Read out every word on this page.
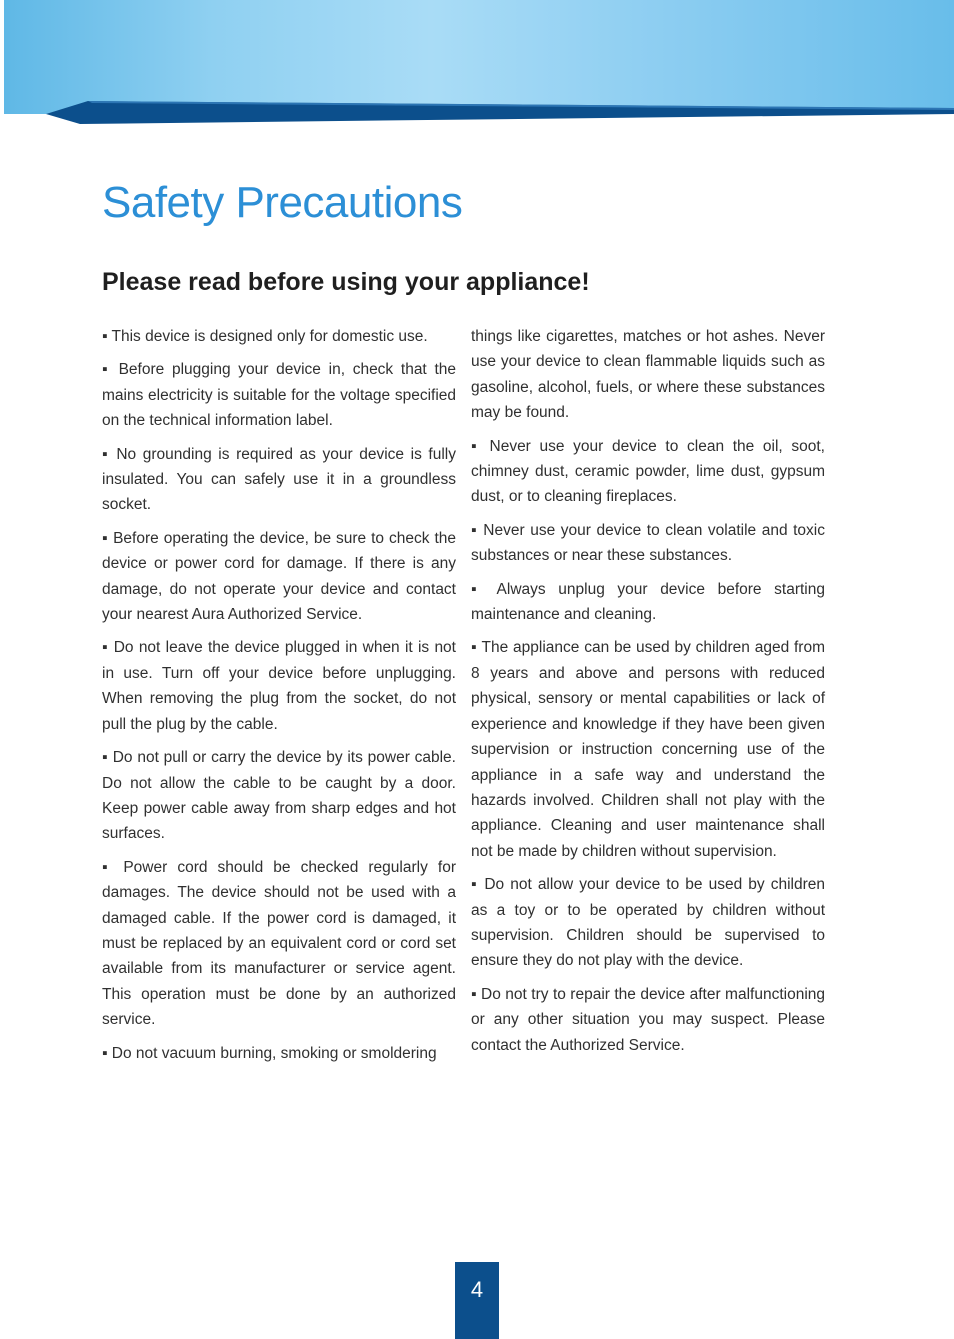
Safety Precautions
Please read before using your appliance!

▪ This device is designed only for domestic use.

▪ Before plugging your device in, check that the mains electricity is suitable for the voltage specified on the technical information label.

▪ No grounding is required as your device is fully insulated. You can safely use it in a groundless socket.

▪ Before operating the device, be sure to check the device or power cord for damage. If there is any damage, do not operate your device and contact your nearest Aura Authorized Service.

▪ Do not leave the device plugged in when it is not in use. Turn off your device before unplugging. When removing the plug from the socket, do not pull the plug by the cable.

▪ Do not pull or carry the device by its power cable. Do not allow the cable to be caught by a door. Keep power cable away from sharp edges and hot surfaces.

▪ Power cord should be checked regularly for damages. The device should not be used with a damaged cable. If the power cord is damaged, it must be replaced by an equivalent cord or cord set available from its manufacturer or service agent. This operation must be done by an authorized service.

▪ Do not vacuum burning, smoking or smoldering

things like cigarettes, matches or hot ashes. Never use your device to clean flammable liquids such as gasoline, alcohol, fuels, or where these substances may be found.

▪ Never use your device to clean the oil, soot, chimney dust, ceramic powder, lime dust, gypsum dust, or to cleaning fireplaces.

▪ Never use your device to clean volatile and toxic substances or near these substances.

▪ Always unplug your device before starting maintenance and cleaning.

▪ The appliance can be used by children aged from 8 years and above and persons with reduced physical, sensory or mental capabilities or lack of experience and knowledge if they have been given supervision or instruction concerning use of the appliance in a safe way and understand the hazards involved. Children shall not play with the appliance. Cleaning and user maintenance shall not be made by children without supervision.

▪ Do not allow your device to be used by children as a toy or to be operated by children without supervision. Children should be supervised to ensure they do not play with the device.

▪ Do not try to repair the device after malfunctioning or any other situation you may suspect. Please contact the Authorized Service.

4
